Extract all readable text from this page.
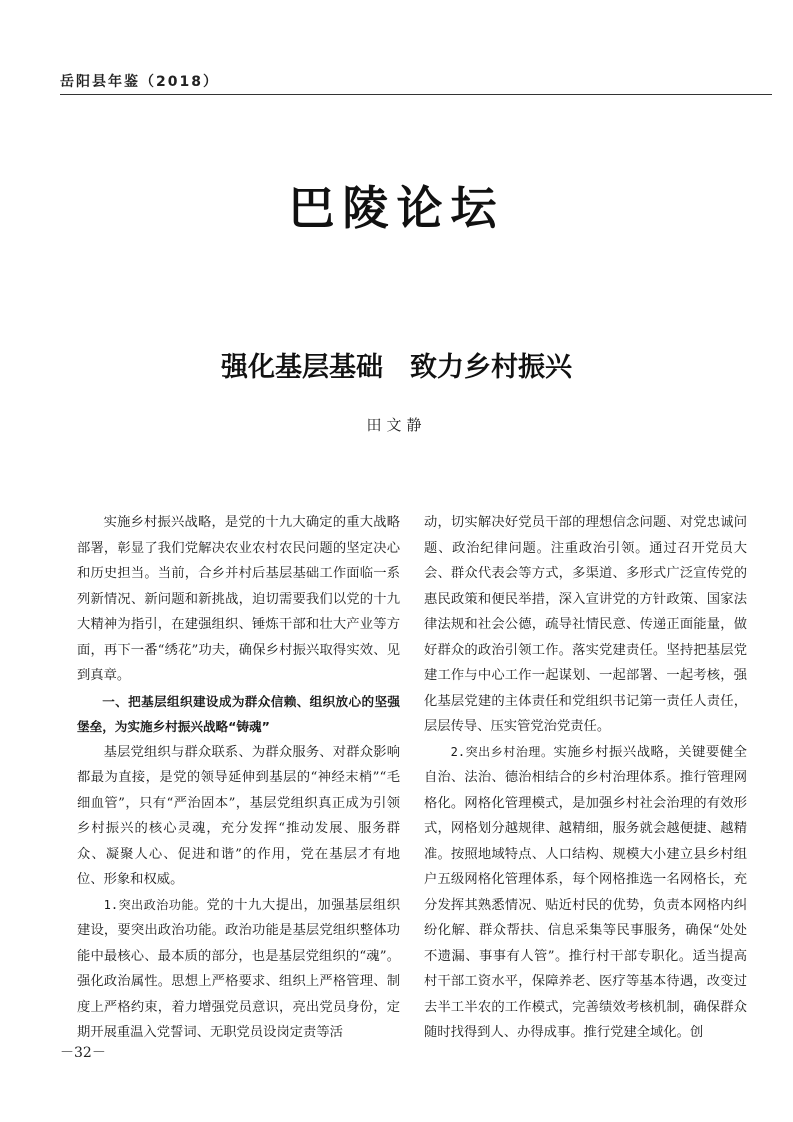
岳阳县年鉴（2018）
巴陵论坛
强化基层基础　致力乡村振兴
田文静

实施乡村振兴战略，是党的十九大确定的重大战略部署，彰显了我们党解决农业农村农民问题的坚定决心和历史担当。当前，合乡并村后基层基础工作面临一系列新情况、新问题和新挑战，迫切需要我们以党的十九大精神为指引，在建强组织、锤炼干部和壮大产业等方面，再下一番“绣花”功夫，确保乡村振兴取得实效、见到真章。

一、把基层组织建设成为群众信赖、组织放心的坚强堡垒，为实施乡村振兴战略“铸魂”

基层党组织与群众联系、为群众服务、对群众影响都最为直接，是党的领导延伸到基层的“神经末梢”“毛细血管”，只有“严治固本”，基层党组织真正成为引领乡村振兴的核心灵魂，充分发挥“推动发展、服务群众、凝聚人心、促进和谐”的作用，党在基层才有地位、形象和权威。

1.突出政治功能。党的十九大提出，加强基层组织建设，要突出政治功能。政治功能是基层党组织整体功能中最核心、最本质的部分，也是基层党组织的“魂”。强化政治属性。思想上严格要求、组织上严格管理、制度上严格约束，着力增强党员意识，亮出党员身份，定期开展重温入党誓词、无职党员设岗定责等活

动，切实解决好党员干部的理想信念问题、对党忠诚问题、政治纪律问题。注重政治引领。通过召开党员大会、群众代表会等方式，多渠道、多形式广泛宣传党的惠民政策和便民举措，深入宣讲党的方针政策、国家法律法规和社会公德，疏导社情民意、传递正面能量，做好群众的政治引领工作。落实党建责任。坚持把基层党建工作与中心工作一起谋划、一起部署、一起考核，强化基层党建的主体责任和党组织书记第一责任人责任，层层传导、压实管党治党责任。

2.突出乡村治理。实施乡村振兴战略，关键要健全自治、法治、德治相结合的乡村治理体系。推行管理网格化。网格化管理模式，是加强乡村社会治理的有效形式，网格划分越规律、越精细，服务就会越便捷、越精准。按照地域特点、人口结构、规模大小建立县乡村组户五级网格化管理体系，每个网格推选一名网格长，充分发挥其熟悉情况、贴近村民的优势，负责本网格内纠纷化解、群众帮扶、信息采集等民事服务，确保“处处不遗漏、事事有人管”。推行村干部专职化。适当提高村干部工资水平，保障养老、医疗等基本待遇，改变过去半工半农的工作模式，完善绩效考核机制，确保群众随时找得到人、办得成事。推行党建全域化。创

－32－
